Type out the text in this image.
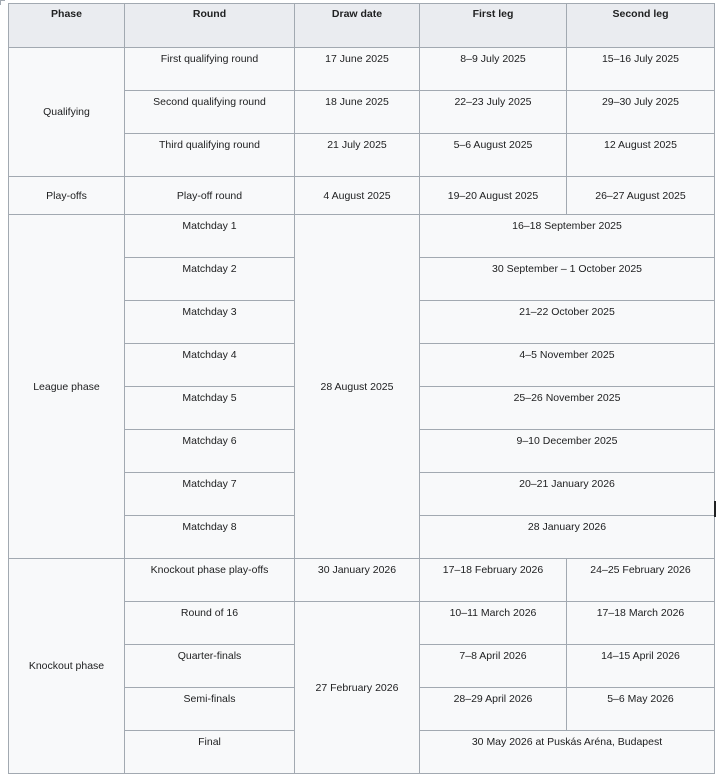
Phase	Round	Draw date	First leg	Second leg
Qualifying	First qualifying round	17 June 2025	8–9 July 2025	15–16 July 2025
	Second qualifying round	18 June 2025	22–23 July 2025	29–30 July 2025
	Third qualifying round	21 July 2025	5–6 August 2025	12 August 2025
Play-offs	Play-off round	4 August 2025	19–20 August 2025	26–27 August 2025
League phase	Matchday 1	28 August 2025	16–18 September 2025	
	Matchday 2		30 September – 1 October 2025	
	Matchday 3		21–22 October 2025	
	Matchday 4		4–5 November 2025	
	Matchday 5		25–26 November 2025	
	Matchday 6		9–10 December 2025	
	Matchday 7		20–21 January 2026	
	Matchday 8		28 January 2026	
Knockout phase	Knockout phase play-offs	30 January 2026	17–18 February 2026	24–25 February 2026
	Round of 16	27 February 2026	10–11 March 2026	17–18 March 2026
	Quarter-finals		7–8 April 2026	14–15 April 2026
	Semi-finals		28–29 April 2026	5–6 May 2026
	Final		30 May 2026 at Puskás Aréna, Budapest	
